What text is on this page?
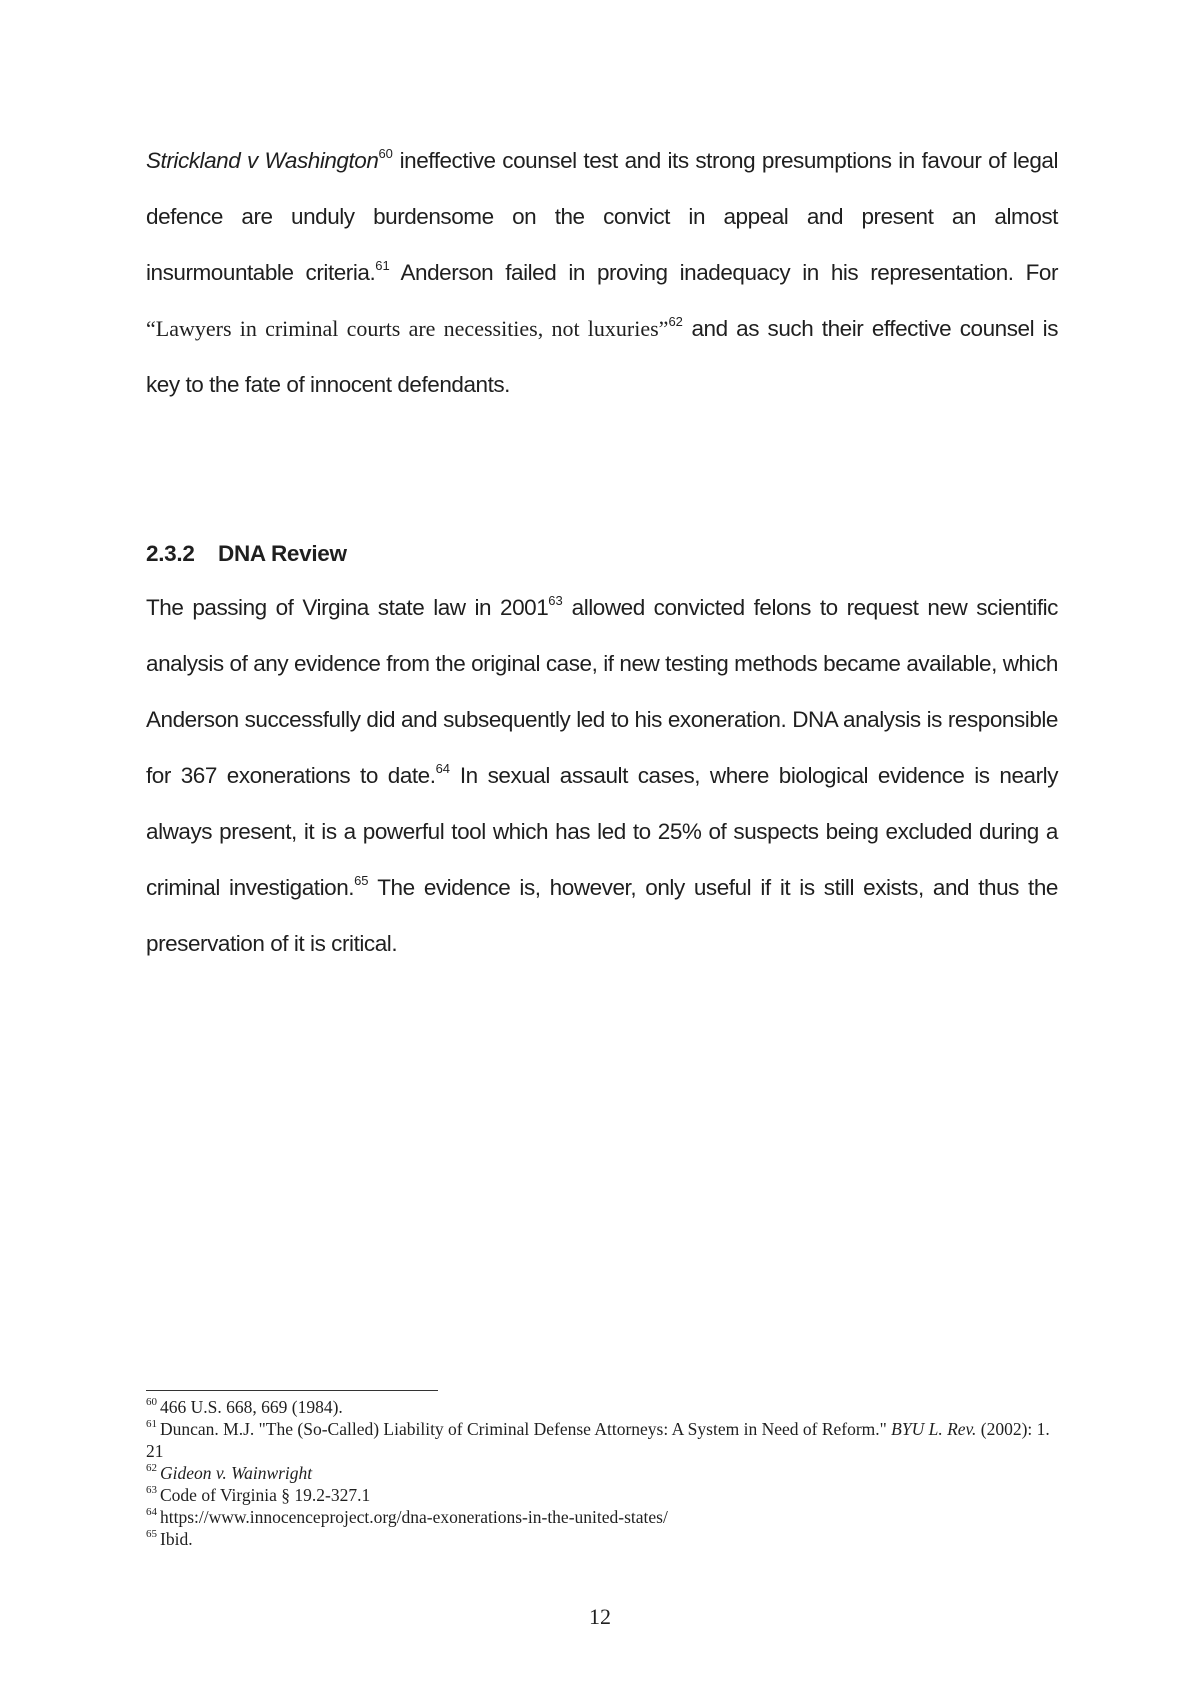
Strickland v Washington$^{60}$ ineffective counsel test and its strong presumptions in favour of legal defence are unduly burdensome on the convict in appeal and present an almost insurmountable criteria.$^{61}$ Anderson failed in proving inadequacy in his representation. For “Lawyers in criminal courts are necessities, not luxuries”$^{62}$ and as such their effective counsel is key to the fate of innocent defendants.

2.3.2 DNA Review

The passing of Virgina state law in 2001$^{63}$ allowed convicted felons to request new scientific analysis of any evidence from the original case, if new testing methods became available, which Anderson successfully did and subsequently led to his exoneration. DNA analysis is responsible for 367 exonerations to date.$^{64}$ In sexual assault cases, where biological evidence is nearly always present, it is a powerful tool which has led to 25% of suspects being excluded during a criminal investigation.$^{65}$ The evidence is, however, only useful if it is still exists, and thus the preservation of it is critical.

$^{60}$ 466 U.S. 668, 669 (1984).
$^{61}$ Duncan. M.J. "The (So-Called) Liability of Criminal Defense Attorneys: A System in Need of Reform." BYU L. Rev. (2002): 1. 21
$^{62}$ Gideon v. Wainwright
$^{63}$ Code of Virginia § 19.2-327.1
$^{64}$ https://www.innocenceproject.org/dna-exonerations-in-the-united-states/
$^{65}$ Ibid.
12
